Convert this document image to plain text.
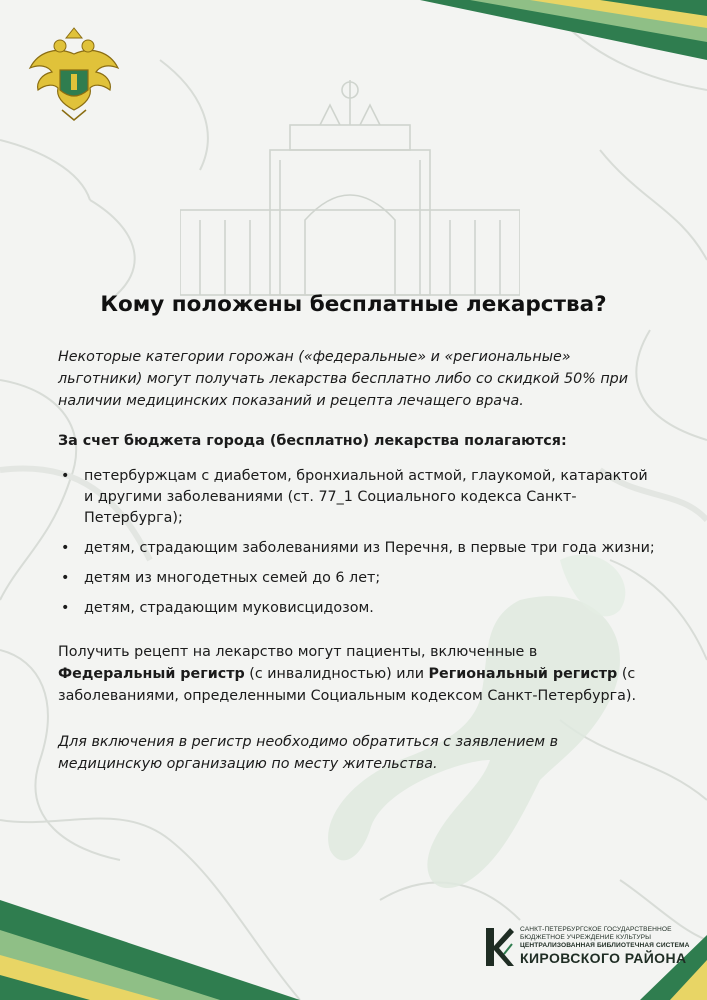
Кому положены бесплатные лекарства?

Некоторые категории горожан («федеральные» и «региональные» льготники) могут получать лекарства бесплатно либо со скидкой 50% при наличии медицинских показаний и рецепта лечащего врача.

За счет бюджета города (бесплатно) лекарства полагаются:

• петербуржцам с диабетом, бронхиальной астмой, глаукомой, катарактой и другими заболеваниями (ст. 77_1 Социального кодекса Санкт-Петербурга);
• детям, страдающим заболеваниями из Перечня, в первые три года жизни;
• детям из многодетных семей до 6 лет;
• детям, страдающим муковисцидозом.

Получить рецепт на лекарство могут пациенты, включенные в Федеральный регистр (с инвалидностью) или Региональный регистр (с заболеваниями, определенными Социальным кодексом Санкт-Петербурга).

Для включения в регистр необходимо обратиться с заявлением в медицинскую организацию по месту жительства.

САНКТ-ПЕТЕРБУРГСКОЕ ГОСУДАРСТВЕННОЕ
БЮДЖЕТНОЕ УЧРЕЖДЕНИЕ КУЛЬТУРЫ
ЦЕНТРАЛИЗОВАННАЯ БИБЛИОТЕЧНАЯ СИСТЕМА
КИРОВСКОГО РАЙОНА
